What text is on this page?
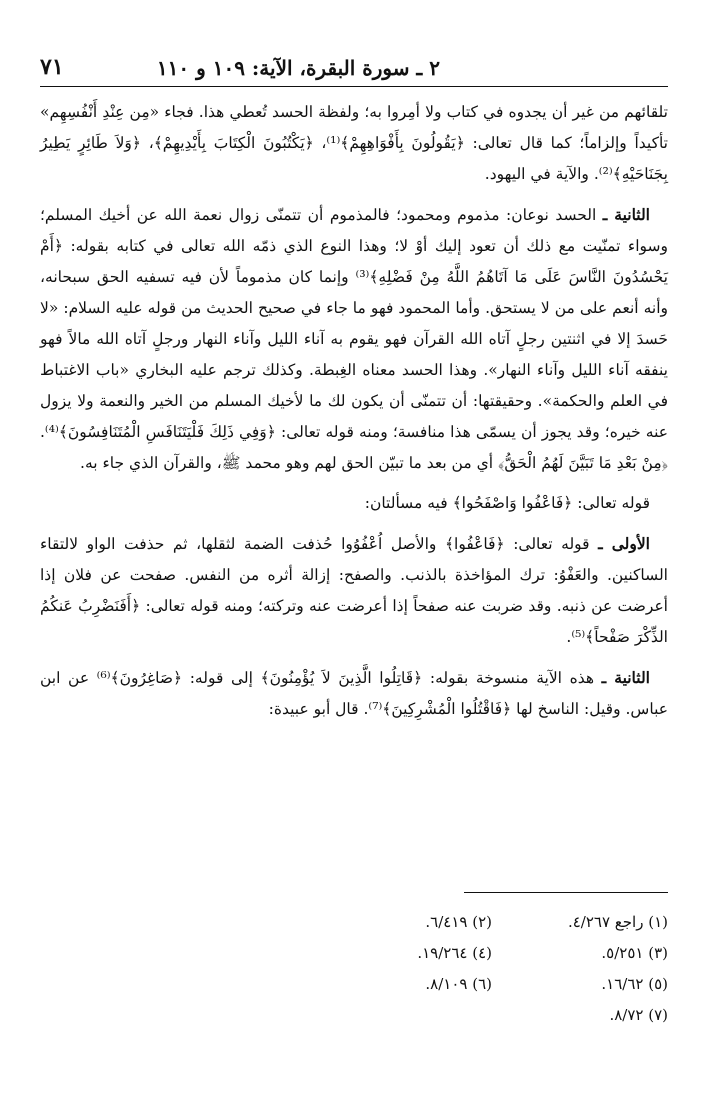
٢ ـ سورة البقرة، الآية: ١٠٩ و ١١٠
٧١

تلقائهم من غير أن يجدوه في كتاب ولا أمِروا به؛ ولفظة الحسد تُعطي هذا. فجاء «مِن عِنْدِ أَنْفُسِهِم» تأكيداً وإلزاماً؛ كما قال تعالى: ﴿يَقُولُونَ بِأَفْوَاهِهِمْ﴾⁽¹⁾، ﴿يَكْتُبُونَ الْكِتَابَ بِأَيْدِيهِمْ﴾، ﴿وَلاَ طَائِرٍ يَطِيرُ بِجَنَاحَيْهِ﴾⁽²⁾. والآية في اليهود.

الثانية ـ الحسد نوعان: مذموم ومحمود؛ فالمذموم أن تتمنّى زوال نعمة الله عن أخيك المسلم؛ وسواء تمنّيت مع ذلك أن تعود إليك أوْ لا؛ وهذا النوع الذي ذمّه الله تعالى في كتابه بقوله: ﴿أَمْ يَحْسُدُونَ النَّاسَ عَلَى مَا آتَاهُمُ اللَّهُ مِنْ فَضْلِهِ﴾⁽³⁾ وإنما كان مذموماً لأن فيه تسفيه الحق سبحانه، وأنه أنعم على من لا يستحق. وأما المحمود فهو ما جاء في صحيح الحديث من قوله عليه السلام: «لا حَسدَ إلا في اثنتين رجلٍ آتاه الله القرآن فهو يقوم به آناء الليل وآناء النهار ورجلٍ آتاه الله مالاً فهو ينفقه آناء الليل وآناء النهار». وهذا الحسد معناه الغِبطة. وكذلك ترجم عليه البخاري «باب الاغتباط في العلم والحكمة». وحقيقتها: أن تتمنّى أن يكون لك ما لأخيك المسلم من الخير والنعمة ولا يزول عنه خيره؛ وقد يجوز أن يسمّى هذا منافسة؛ ومنه قوله تعالى: ﴿وَفِي ذَلِكَ فَلْيَتَنَافَسِ الْمُتَنَافِسُونَ﴾⁽⁴⁾. ﴿مِنْ بَعْدِ مَا تَبَيَّنَ لَهُمُ الْحَقُّ﴾ أي من بعد ما تبيّن الحق لهم وهو محمد ﷺ، والقرآن الذي جاء به.

قوله تعالى: ﴿فَاعْفُوا وَاصْفَحُوا﴾ فيه مسألتان:

الأولى ـ قوله تعالى: ﴿فَاعْفُوا﴾ والأصل اُعْفُوُوا حُذفت الضمة لثقلها، ثم حذفت الواو لالتقاء الساكنين. والعَفْوُ: ترك المؤاخذة بالذنب. والصفح: إزالة أثره من النفس. صفحت عن فلان إذا أعرضت عن ذنبه. وقد ضربت عنه صفحاً إذا أعرضت عنه وتركته؛ ومنه قوله تعالى: ﴿أَفَنَضْرِبُ عَنكُمُ الذِّكْرَ صَفْحاً﴾⁽⁵⁾.

الثانية ـ هذه الآية منسوخة بقوله: ﴿قَاتِلُوا الَّذِينَ لاَ يُؤْمِنُونَ﴾ إلى قوله: ﴿صَاغِرُونَ﴾⁽⁶⁾ عن ابن عباس. وقيل: الناسخ لها ﴿فَاقْتُلُوا الْمُشْرِكِينَ﴾⁽⁷⁾. قال أبو عبيدة:

(١) راجع ٤/٢٦٧.
(٢) ٦/٤١٩.
(٣) ٥/٢٥١.
(٤) ١٩/٢٦٤.
(٥) ١٦/٦٢.
(٦) ٨/١٠٩.
(٧) ٨/٧٢.
